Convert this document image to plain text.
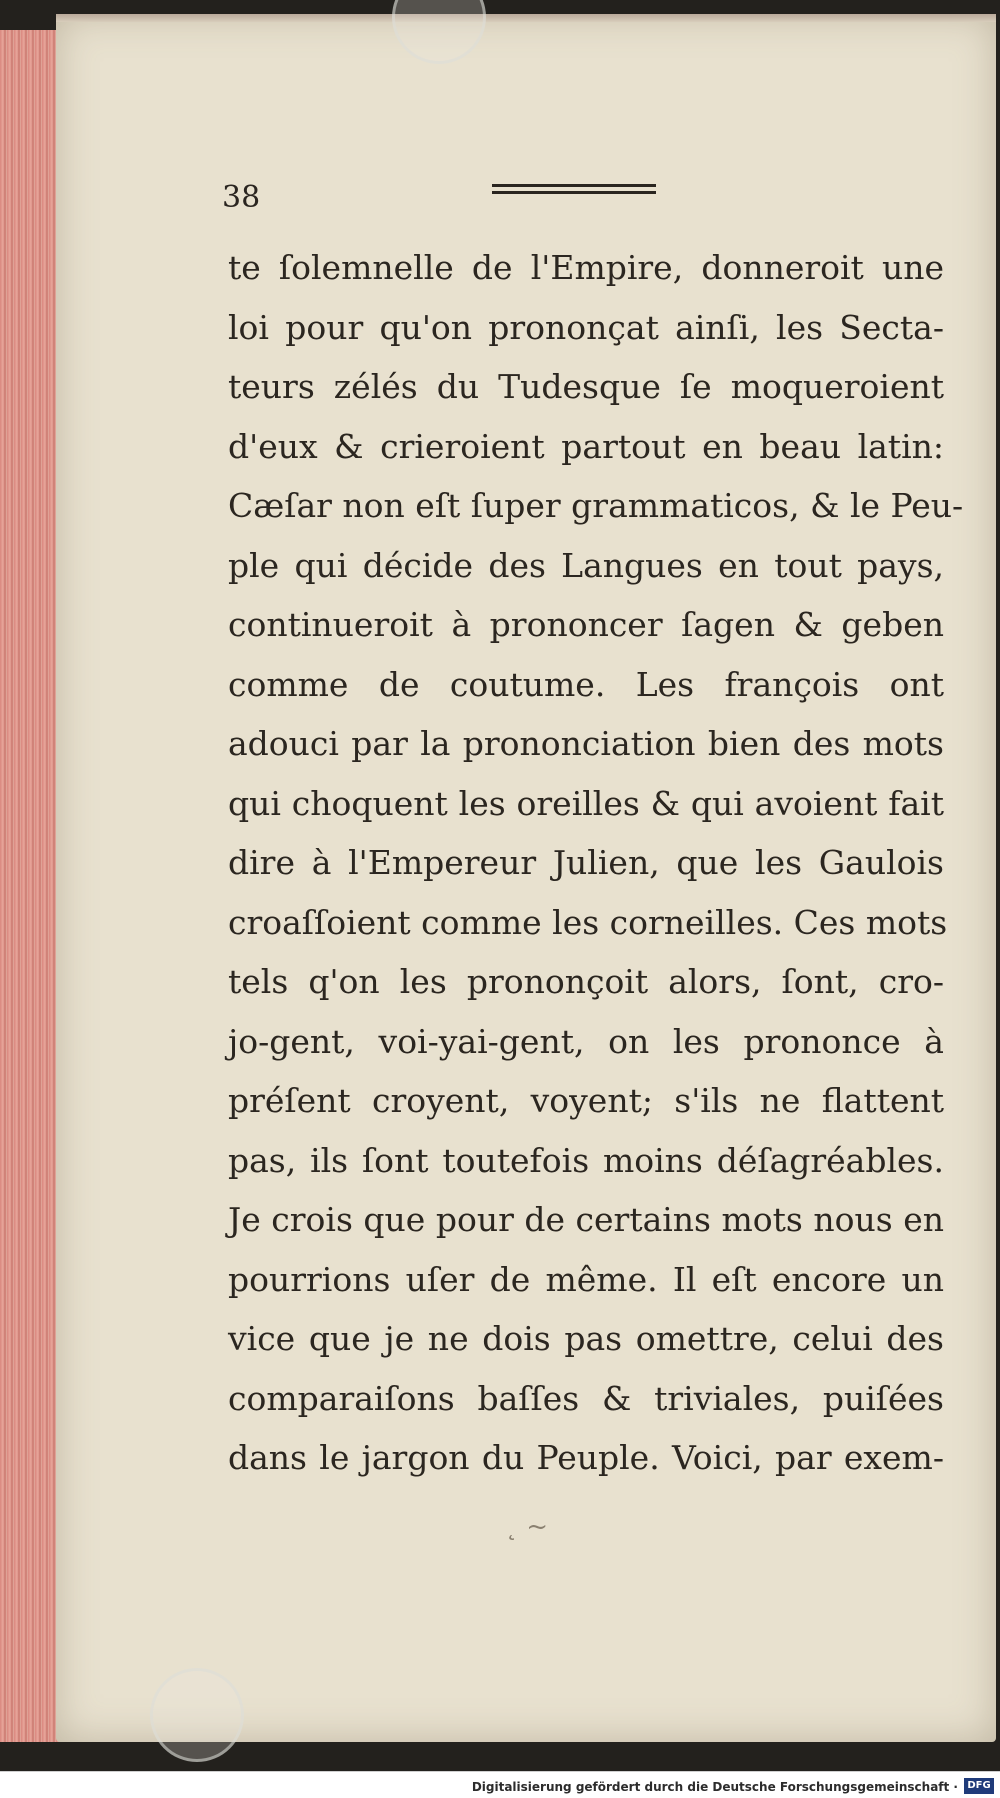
38
te ſolemnelle de l'Empire, donneroit une
loi pour qu'on prononçat ainſi, les Secta-
teurs zélés du Tudesque ſe moqueroient
d'eux & crieroient partout en beau latin:
Cæſar non eſt ſuper grammaticos, & le Peu-
ple qui décide des Langues en tout pays,
continueroit à prononcer ſagen & geben
comme de coutume. Les françois ont
adouci par la prononciation bien des mots
qui choquent les oreilles & qui avoient fait
dire à l'Empereur Julien, que les Gaulois
croaſſoient comme les corneilles. Ces mots
tels q'on les prononçoit alors, ſont, cro-
jo-gent, voi-yai-gent, on les prononce à
préſent croyent, voyent; s'ils ne flattent
pas, ils ſont toutefois moins déſagréables.
Je crois que pour de certains mots nous en
pourrions uſer de même. Il eſt encore un
vice que je ne dois pas omettre, celui des
comparaiſons baſſes & triviales, puiſées
dans le jargon du Peuple. Voici, par exem-
˛ ~
Digitalisierung gefördert durch die Deutsche Forschungsgemeinschaft · DFG
